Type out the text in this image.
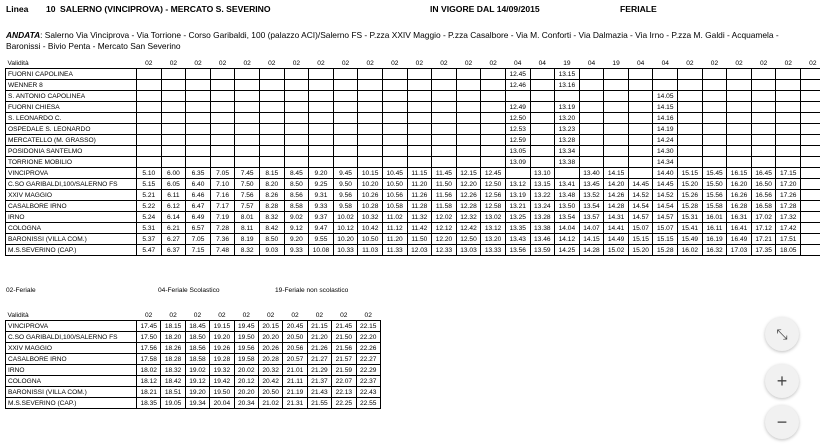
Linea 10 SALERNO (VINCIPROVA) - MERCATO S. SEVERINO	IN VIGORE DAL 14/09/2015	FERIALE
ANDATA: Salerno Via Vinciprova - Via Torrione - Corso Garibaldi, 100 (palazzo ACI)/Salerno FS - P.zza XXIV Maggio - P.zza Casalbore - Via M. Conforti - Via Dalmazia - Via Irno - P.zza M. Galdi - Acquamela - Baronissi - Bivio Penta - Mercato San Severino
Validità	02	02	02	02	02	02	02	02	02	02	02	02	02	02	02	04	04	19	04	19	04	04	02	02	02	02	02	02
FUORNI CAPOLINEA																12.45		13.15										
WENNER 8																12.46		13.16										
S. ANTONIO CAPOLINEA																						14.05						
FUORNI CHIESA																12.49		13.19				14.15						
S. LEONARDO C.																12.50		13.20				14.16						
OSPEDALE S. LEONARDO																12.53		13.23				14.19						
MERCATELLO (M. GRASSO)																12.59		13.28				14.24						
POSIDONIA SANTELMO																13.05		13.34				14.30						
TORRIONE MOBILIO																13.09		13.38				14.34						
VINCIPROVA	5.10	6.00	6.35	7.05	7.45	8.15	8.45	9.20	9.45	10.15	10.45	11.15	11.45	12.15	12.45		13.10		13.40	14.15		14.40	15.15	15.45	16.15	16.45	17.15	
C.SO GARIBALDI,100/SALERNO FS	5.15	6.05	6.40	7.10	7.50	8.20	8.50	9.25	9.50	10.20	10.50	11.20	11.50	12.20	12.50	13.12	13.15	13.41	13.45	14.20	14.45	14.45	15.20	15.50	16.20	16.50	17.20	
XXIV MAGGIO	5.21	6.11	6.46	7.16	7.56	8.26	8.56	9.31	9.56	10.26	10.56	11.26	11.56	12.26	12.56	13.19	13.22	13.48	13.52	14.26	14.52	14.52	15.26	15.56	16.26	16.56	17.26	
CASALBORE IRNO	5.22	6.12	6.47	7.17	7.57	8.28	8.58	9.33	9.58	10.28	10.58	11.28	11.58	12.28	12.58	13.21	13.24	13.50	13.54	14.28	14.54	14.54	15.28	15.58	16.28	16.58	17.28	
IRNO	5.24	6.14	6.49	7.19	8.01	8.32	9.02	9.37	10.02	10.32	11.02	11.32	12.02	12.32	13.02	13.25	13.28	13.54	13.57	14.31	14.57	14.57	15.31	16.01	16.31	17.02	17.32	
COLOGNA	5.31	6.21	6.57	7.28	8.11	8.42	9.12	9.47	10.12	10.42	11.12	11.42	12.12	12.42	13.12	13.35	13.38	14.04	14.07	14.41	15.07	15.07	15.41	16.11	16.41	17.12	17.42	
BARONISSI (VILLA COM.)	5.37	6.27	7.05	7.36	8.19	8.50	9.20	9.55	10.20	10.50	11.20	11.50	12.20	12.50	13.20	13.43	13.46	14.12	14.15	14.49	15.15	15.15	15.49	16.19	16.49	17.21	17.51	
M.S.SEVERINO (CAP.)	5.47	6.37	7.15	7.48	8.32	9.03	9.33	10.08	10.33	11.03	11.33	12.03	12.33	13.03	13.33	13.56	13.59	14.25	14.28	15.02	15.20	15.28	16.02	16.32	17.03	17.35	18.05	
02-Feriale	04-Feriale Scolastico	19-Feriale non scolastico
Validità	02	02	02	02	02	02	02	02	02	02
VINCIPROVA	17.45	18.15	18.45	19.15	19.45	20.15	20.45	21.15	21.45	22.15
C.SO GARIBALDI,100/SALERNO FS	17.50	18.20	18.50	19.20	19.50	20.20	20.50	21.20	21.50	22.20
XXIV MAGGIO	17.56	18.26	18.56	19.26	19.56	20.26	20.56	21.26	21.56	22.26
CASALBORE IRNO	17.58	18.28	18.58	19.28	19.58	20.28	20.57	21.27	21.57	22.27
IRNO	18.02	18.32	19.02	19.32	20.02	20.32	21.01	21.29	21.59	22.29
COLOGNA	18.12	18.42	19.12	19.42	20.12	20.42	21.11	21.37	22.07	22.37
BARONISSI (VILLA COM.)	18.21	18.51	19.20	19.50	20.20	20.50	21.19	21.43	22.13	22.43
M.S.SEVERINO (CAP.)	18.35	19.05	19.34	20.04	20.34	21.02	21.31	21.55	22.25	22.55
⤡
+
−
